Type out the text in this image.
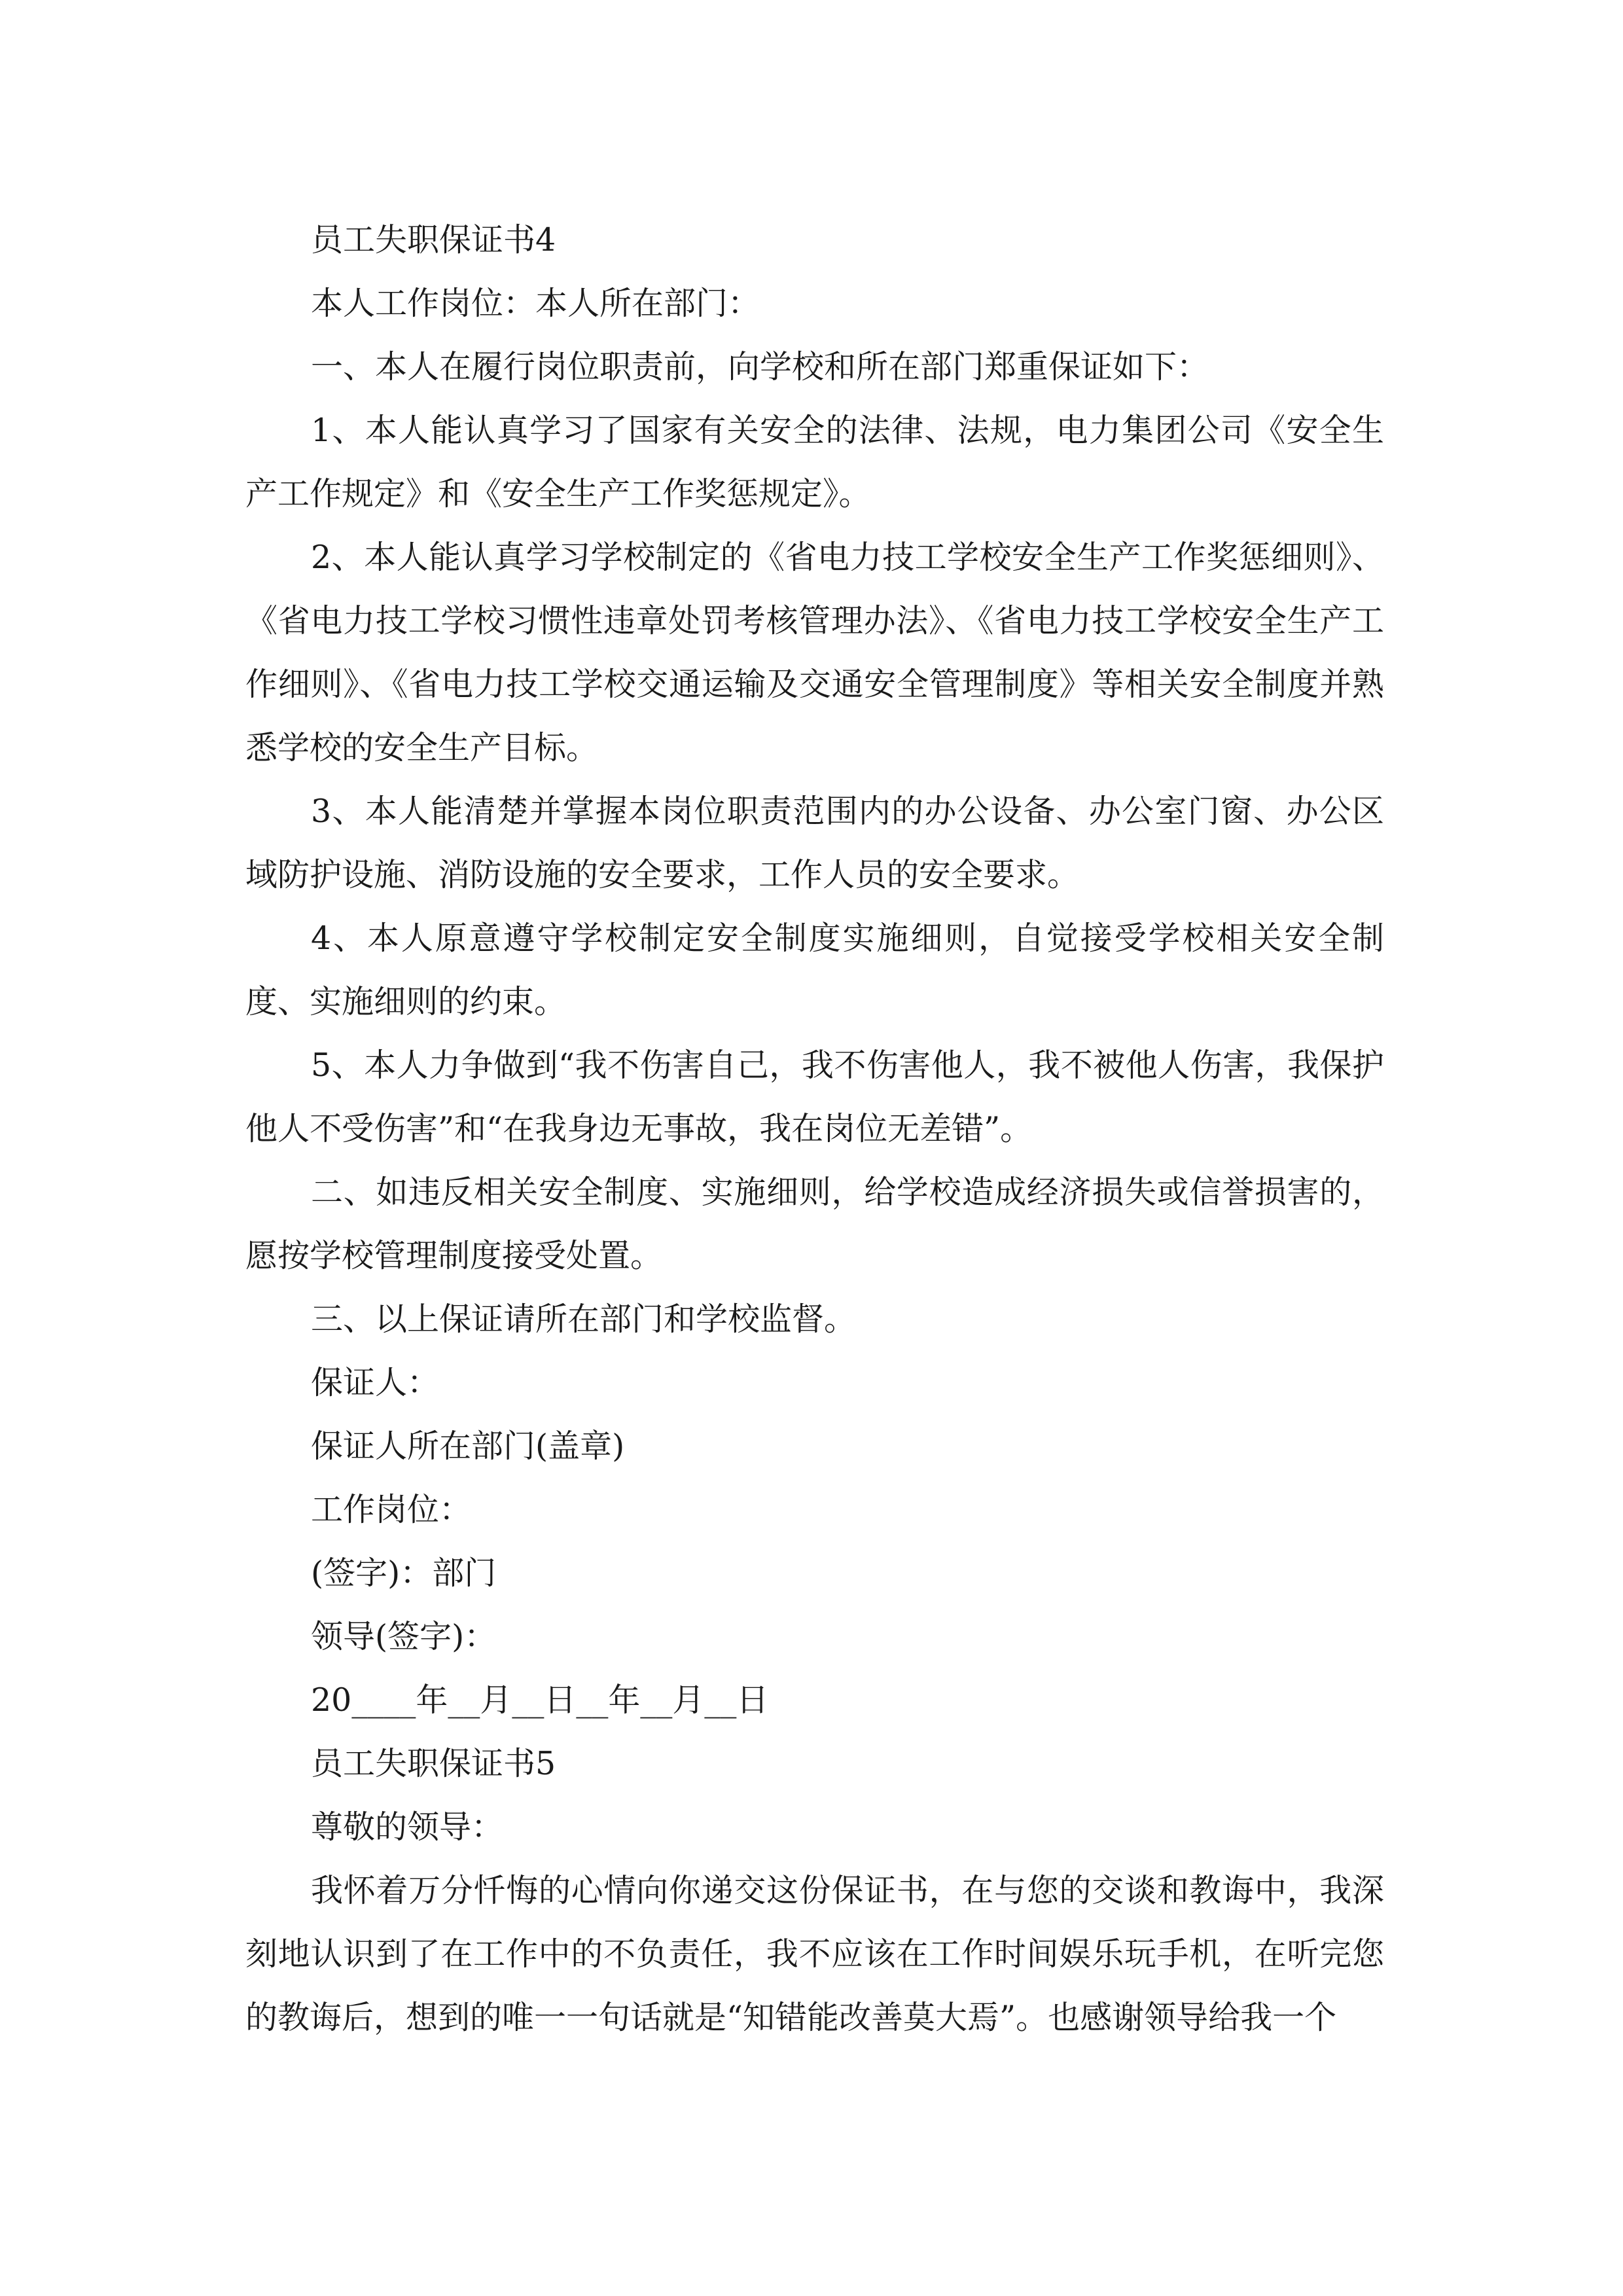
员工失职保证书4

本人工作岗位：本人所在部门：

一、本人在履行岗位职责前，向学校和所在部门郑重保证如下：

1、本人能认真学习了国家有关安全的法律、法规，电力集团公司《安全生产工作规定》和《安全生产工作奖惩规定》。

2、本人能认真学习学校制定的《省电力技工学校安全生产工作奖惩细则》、《省电力技工学校习惯性违章处罚考核管理办法》、《省电力技工学校安全生产工作细则》、《省电力技工学校交通运输及交通安全管理制度》等相关安全制度并熟悉学校的安全生产目标。

3、本人能清楚并掌握本岗位职责范围内的办公设备、办公室门窗、办公区域防护设施、消防设施的安全要求，工作人员的安全要求。

4、本人原意遵守学校制定安全制度实施细则，自觉接受学校相关安全制度、实施细则的约束。

5、本人力争做到“我不伤害自己，我不伤害他人，我不被他人伤害，我保护他人不受伤害”和“在我身边无事故，我在岗位无差错”。

二、如违反相关安全制度、实施细则，给学校造成经济损失或信誉损害的，愿按学校管理制度接受处置。

三、以上保证请所在部门和学校监督。

保证人：

保证人所在部门(盖章)

工作岗位：

(签字)：部门

领导(签字)：

20____年__月__日__年__月__日

员工失职保证书5

尊敬的领导：

我怀着万分忏悔的心情向你递交这份保证书，在与您的交谈和教诲中，我深刻地认识到了在工作中的不负责任，我不应该在工作时间娱乐玩手机，在听完您的教诲后，想到的唯一一句话就是“知错能改善莫大焉”。也感谢领导给我一个
